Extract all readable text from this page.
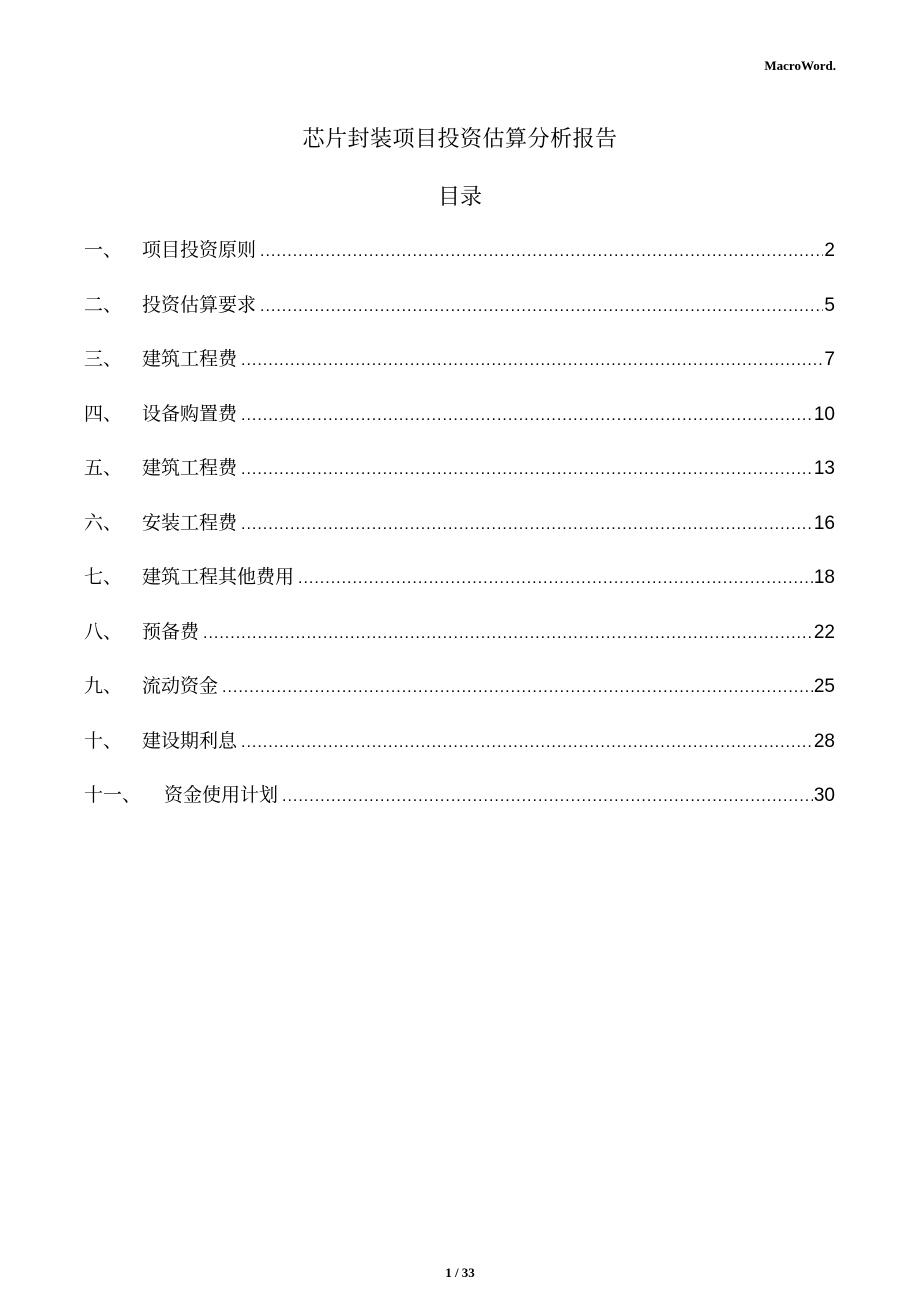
MacroWord.
芯片封装项目投资估算分析报告
目录
一、	项目投资原则 .....	2
二、	投资估算要求 .....	5
三、	建筑工程费 .....	7
四、	设备购置费 .....	10
五、	建筑工程费 .....	13
六、	安装工程费 .....	16
七、	建筑工程其他费用 .....	18
八、	预备费 .....	22
九、	流动资金 .....	25
十、	建设期利息 .....	28
十一、	资金使用计划 .....	30
1 / 33
